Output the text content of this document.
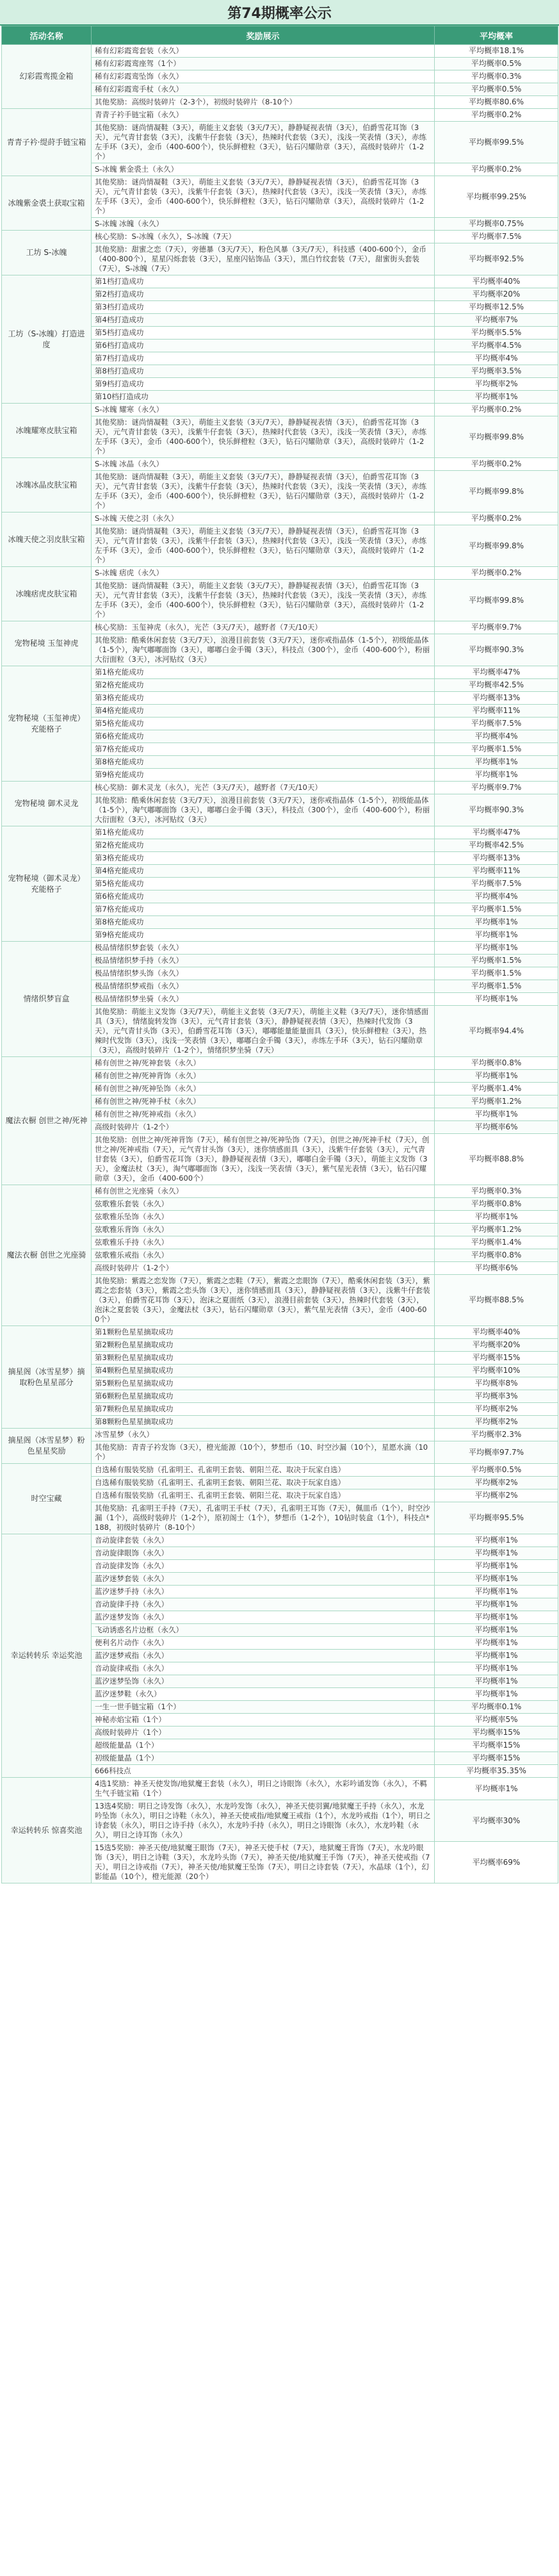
第74期概率公示
活动名称	奖励展示	平均概率
幻彩霞鸾揽金箱	稀有幻彩霞鸾套装（永久）	平均概率18.1%
	稀有幻彩霞鸾座驾（1个）	平均概率0.5%
	稀有幻彩霞鸾坠饰（永久）	平均概率0.3%
	稀有幻彩霞鸾手杖（永久）	平均概率0.5%
	其他奖励：高级时装碎片（2-3个），初级时装碎片（8-10个）	平均概率80.6%
青青子衿·缇莳手链宝箱	青青子衿手链宝箱（永久）	平均概率0.2%
	其他奖励：谜尚情凝鞋（3天），萌能主义套装（3天/7天），静静疑视表情（3天），伯爵雪花耳饰（3天），元气青甘套装（3天），浅紫牛仔套装（3天），热辣时代套装（3天），浅浅一笑表情（3天），赤练左手环（3天），金币（400-600个），快乐鲜橙粒（3天），钻石闪耀勋章（3天），高级时装碎片（1-2个）	平均概率99.5%
	S-冰魄 紫金裘土（永久）	平均概率0.2%
冰魄紫金裘土获取宝箱	其他奖励：谜尚情凝鞋（3天），萌能主义套装（3天/7天），静静疑视表情（3天），伯爵雪花耳饰（3天），元气青甘套装（3天），浅紫牛仔套装（3天），热辣时代套装（3天），浅浅一笑表情（3天），赤练左手环（3天），金币（400-600个），快乐鲜橙粒（3天），钻石闪耀勋章（3天），高级时装碎片（1-2个）	平均概率99.25%
	S-冰魄 冰魄（永久）	平均概率0.75%
工坊 S-冰魄	核心奖励：S-冰魄（永久），S-冰魄（7天）	平均概率7.5%
	其他奖励：甜蜜之恋（7天），旁德暴（3天/7天），粉色风暴（3天/7天），科技感（400-600个），金币（400-800个），星星闪烁套装（3天），星座闪钻饰品（3天），黑白竹纹套装（7天），甜蜜街头套装（7天），S-冰魄（7天）	平均概率92.5%
工坊（S-冰魄）打造进度	第1档打造成功	平均概率40%
	第2档打造成功	平均概率20%
	第3档打造成功	平均概率12.5%
	第4档打造成功	平均概率7%
	第5档打造成功	平均概率5.5%
	第6档打造成功	平均概率4.5%
	第7档打造成功	平均概率4%
	第8档打造成功	平均概率3.5%
	第9档打造成功	平均概率2%
	第10档打造成功	平均概率1%
冰魄耀寒皮肤宝箱	S-冰魄 耀寒（永久）	平均概率0.2%
	其他奖励：谜尚情凝鞋（3天），萌能主义套装（3天/7天），静静疑视表情（3天），伯爵雪花耳饰（3天），元气青甘套装（3天），浅紫牛仔套装（3天），热辣时代套装（3天），浅浅一笑表情（3天），赤练左手环（3天），金币（400-600个），快乐鲜橙粒（3天），钻石闪耀勋章（3天），高级时装碎片（1-2个）	平均概率99.8%
冰魄冰晶皮肤宝箱	S-冰魄 冰晶（永久）	平均概率0.2%
	其他奖励：谜尚情凝鞋（3天），萌能主义套装（3天/7天），静静疑视表情（3天），伯爵雪花耳饰（3天），元气青甘套装（3天），浅紫牛仔套装（3天），热辣时代套装（3天），浅浅一笑表情（3天），赤练左手环（3天），金币（400-600个），快乐鲜橙粒（3天），钻石闪耀勋章（3天），高级时装碎片（1-2个）	平均概率99.8%
冰魄天使之羽皮肤宝箱	S-冰魄 天使之羽（永久）	平均概率0.2%
	其他奖励：谜尚情凝鞋（3天），萌能主义套装（3天/7天），静静疑视表情（3天），伯爵雪花耳饰（3天），元气青甘套装（3天），浅紫牛仔套装（3天），热辣时代套装（3天），浅浅一笑表情（3天），赤练左手环（3天），金币（400-600个），快乐鲜橙粒（3天），钻石闪耀勋章（3天），高级时装碎片（1-2个）	平均概率99.8%
冰魄痞虎皮肤宝箱	S-冰魄 痞虎（永久）	平均概率0.2%
	其他奖励：谜尚情凝鞋（3天），萌能主义套装（3天/7天），静静疑视表情（3天），伯爵雪花耳饰（3天），元气青甘套装（3天），浅紫牛仔套装（3天），热辣时代套装（3天），浅浅一笑表情（3天），赤练左手环（3天），金币（400-600个），快乐鲜橙粒（3天），钻石闪耀勋章（3天），高级时装碎片（1-2个）	平均概率99.8%
宠物秘境 玉玺神虎	核心奖励：玉玺神虎（永久），光芒（3天/7天），越野者（7天/10天）	平均概率9.7%
	其他奖励：酷乘休闲套装（3天/7天），浪漫目前套装（3天/7天），迷你戒指晶体（1-5个），初级能晶体（1-5个），淘气嘟嘟面饰（3天），嘟嘟白金手镯（3天），科技点（300个），金币（400-600个），粉丽大衍面粒（3天），冰河贴纹（3天）	平均概率90.3%
宠物秘境（玉玺神虎）充能格子	第1格充能成功	平均概率47%
	第2格充能成功	平均概率42.5%
	第3格充能成功	平均概率13%
	第4格充能成功	平均概率11%
	第5格充能成功	平均概率7.5%
	第6格充能成功	平均概率4%
	第7格充能成功	平均概率1.5%
	第8格充能成功	平均概率1%
	第9格充能成功	平均概率1%
宠物秘境 御术灵龙	核心奖励：御术灵龙（永久），光芒（3天/7天），越野者（7天/10天）	平均概率9.7%
	其他奖励：酷乘休闲套装（3天/7天），浪漫目前套装（3天/7天），迷你戒指晶体（1-5个），初级能晶体（1-5个），淘气嘟嘟面饰（3天），嘟嘟白金手镯（3天），科技点（300个），金币（400-600个），粉丽大衍面粒（3天），冰河贴纹（3天）	平均概率90.3%
宠物秘境（御术灵龙）充能格子	第1格充能成功	平均概率47%
	第2格充能成功	平均概率42.5%
	第3格充能成功	平均概率13%
	第4格充能成功	平均概率11%
	第5格充能成功	平均概率7.5%
	第6格充能成功	平均概率4%
	第7格充能成功	平均概率1.5%
	第8格充能成功	平均概率1%
	第9格充能成功	平均概率1%
情绪织梦盲盒	极品情绪织梦套装（永久）	平均概率1%
	极品情绪织梦手持（永久）	平均概率1.5%
	极品情绪织梦头饰（永久）	平均概率1.5%
	极品情绪织梦戒指（永久）	平均概率1.5%
	极品情绪织梦坐骑（永久）	平均概率1%
	其他奖励：萌能主义发饰（3天/7天），萌能主义套装（3天/7天），萌能主义鞋（3天/7天），迷你情感面具（3天），情绪旋转发饰（3天），元气青甘套装（3天），静静疑视表情（3天），热辣时代发饰（3天），元气青甘头饰（3天），伯爵雪花耳饰（3天），嘟嘟能量能量面具（3天），快乐鲜橙粒（3天），热辣时代发饰（3天），浅浅一笑表情（3天），嘟嘟白金手镯（3天），赤练左手环（3天），钻石闪耀勋章（3天），高级时装碎片（1-2个），情绪织梦坐骑（7天）	平均概率94.4%
魔法衣橱 创世之神/死神	稀有创世之神/死神套装（永久）	平均概率0.8%
	稀有创世之神/死神背饰（永久）	平均概率1%
	稀有创世之神/死神坠饰（永久）	平均概率1.4%
	稀有创世之神/死神手杖（永久）	平均概率1.2%
	稀有创世之神/死神戒指（永久）	平均概率1%
	高级时装碎片（1-2个）	平均概率6%
	其他奖励：创世之神/死神背饰（7天），稀有创世之神/死神坠饰（7天），创世之神/死神手杖（7天），创世之神/死神戒指（7天），元气青甘头饰（3天），迷你情感面具（3天），浅紫牛仔套装（3天），元气青甘套装（3天），伯爵雪花耳饰（3天），静静疑视表情（3天），嘟嘟白金手镯（3天），萌能主义发饰（3天），金魔法杖（3天），淘气嘟嘟面饰（3天），浅浅一笑表情（3天），紫气星光表情（3天），钻石闪耀勋章（3天），金币（400-600个）	平均概率88.8%
魔法衣橱 创世之光座骑	稀有创世之光座骑（永久）	平均概率0.3%
	弦歌雅乐套装（永久）	平均概率0.8%
	弦歌雅乐坠饰（永久）	平均概率1%
	弦歌雅乐背饰（永久）	平均概率1.2%
	弦歌雅乐手持（永久）	平均概率1.4%
	弦歌雅乐戒指（永久）	平均概率0.8%
	高级时装碎片（1-2个）	平均概率6%
	其他奖励：紫霞之恋发饰（7天），紫霞之恋鞋（7天），紫霞之恋眼饰（7天），酷乘休闲套装（3天），紫霞之恋套装（3天），紫霞之恋头饰（3天），迷你情感面具（3天），静静疑视表情（3天），浅紫牛仔套装（3天），伯爵雪花耳饰（3天），泡沫之夏面纸（3天），浪漫目前套装（3天），热辣时代套装（3天），泡沫之夏套装（3天），金魔法杖（3天），钻石闪耀勋章（3天），紫气星光表情（3天），金币（400-600个）	平均概率88.5%
摘星阁（冰雪星梦）摘取粉色星星部分	第1颗粉色星星摘取成功	平均概率40%
	第2颗粉色星星摘取成功	平均概率20%
	第3颗粉色星星摘取成功	平均概率15%
	第4颗粉色星星摘取成功	平均概率10%
	第5颗粉色星星摘取成功	平均概率8%
	第6颗粉色星星摘取成功	平均概率3%
	第7颗粉色星星摘取成功	平均概率2%
	第8颗粉色星星摘取成功	平均概率2%
摘星阁（冰雪星梦）粉色星星奖励	冰雪星梦（永久）	平均概率2.3%
	其他奖励：青青子衿发饰（3天），橙光能源（10个），梦想币（10、时空沙漏（10个），星愿水滴（10个）	平均概率97.7%
时空宝藏	自选稀有服装奖励（孔雀明王、孔雀明王套装、朝阳兰花、取决于玩家自选）	平均概率0.5%
	自选稀有服装奖励（孔雀明王、孔雀明王套装、朝阳兰花、取决于玩家自选）	平均概率2%
	自选稀有服装奖励（孔雀明王、孔雀明王套装、朝阳兰花、取决于玩家自选）	平均概率2%
	其他奖励：孔雀明王手持（7天），孔雀明王手杖（7天），孔雀明王耳饰（7天），佩皿币（1个），时空沙漏（1个），高级时装碎片（1-2个），原初阁士（1个），梦想币（1-2个），10钻时装盒（1个），科技点*188，初级时装碎片（8-10个）	平均概率95.5%
幸运转转乐 幸运奖池	音动旋律套装（永久）	平均概率1%
	音动旋律眼饰（永久）	平均概率1%
	音动旋律发饰（永久）	平均概率1%
	蓝汐迷梦套装（永久）	平均概率1%
	蓝汐迷梦手持（永久）	平均概率1%
	音动旋律手持（永久）	平均概率1%
	蓝汐迷梦发饰（永久）	平均概率1%
	飞动诱惑名片边框（永久）	平均概率1%
	便利名片动作（永久）	平均概率1%
	蓝汐迷梦戒指（永久）	平均概率1%
	音动旋律戒指（永久）	平均概率1%
	蓝汐迷梦坠饰（永久）	平均概率1%
	蓝汐迷梦鞋（永久）	平均概率1%
	一生一世手链宝箱（1个）	平均概率0.1%
	神秘赤焰宝箱（1个）	平均概率5%
	高级时装碎片（1个）	平均概率15%
	超级能量晶（1个）	平均概率15%
	初级能量晶（1个）	平均概率15%
	666科技点	平均概率35.35%
幸运转转乐 惊喜奖池	4选1奖励：神圣天使发饰/地狱魔王套装（永久），明日之诗眼饰（永久），水彩吟诵发饰（永久），不羁生气手链宝箱（1个）	平均概率1%
	13选4奖励：明日之诗发饰（永久），水龙吟发饰（永久），神圣天使羽翼/地狱魔王手持（永久），水龙吟坠饰（永久），明日之诗鞋（永久），神圣天使戒指/地狱魔王戒指（1个），水龙吟戒指（1个），明日之诗套装（永久），明日之诗手持（永久），水龙吟手持（永久），明日之诗眼饰（永久），水龙吟鞋（永久），明日之诗耳饰（永久）	平均概率30%
	15选5奖励：神圣天使/地狱魔王眼饰（7天），神圣天使手杖（7天），地狱魔王背饰（7天），水龙吟眼饰（3天），明日之诗鞋（3天），水龙吟头饰（7天），神圣天使/地狱魔王手饰（7天），神圣天使戒指（7天），明日之诗戒指（7天），神圣天使/地狱魔王坠饰（7天），明日之诗套装（7天），水晶球（1个），幻影能晶（10个），橙光能源（20个）	平均概率69%
